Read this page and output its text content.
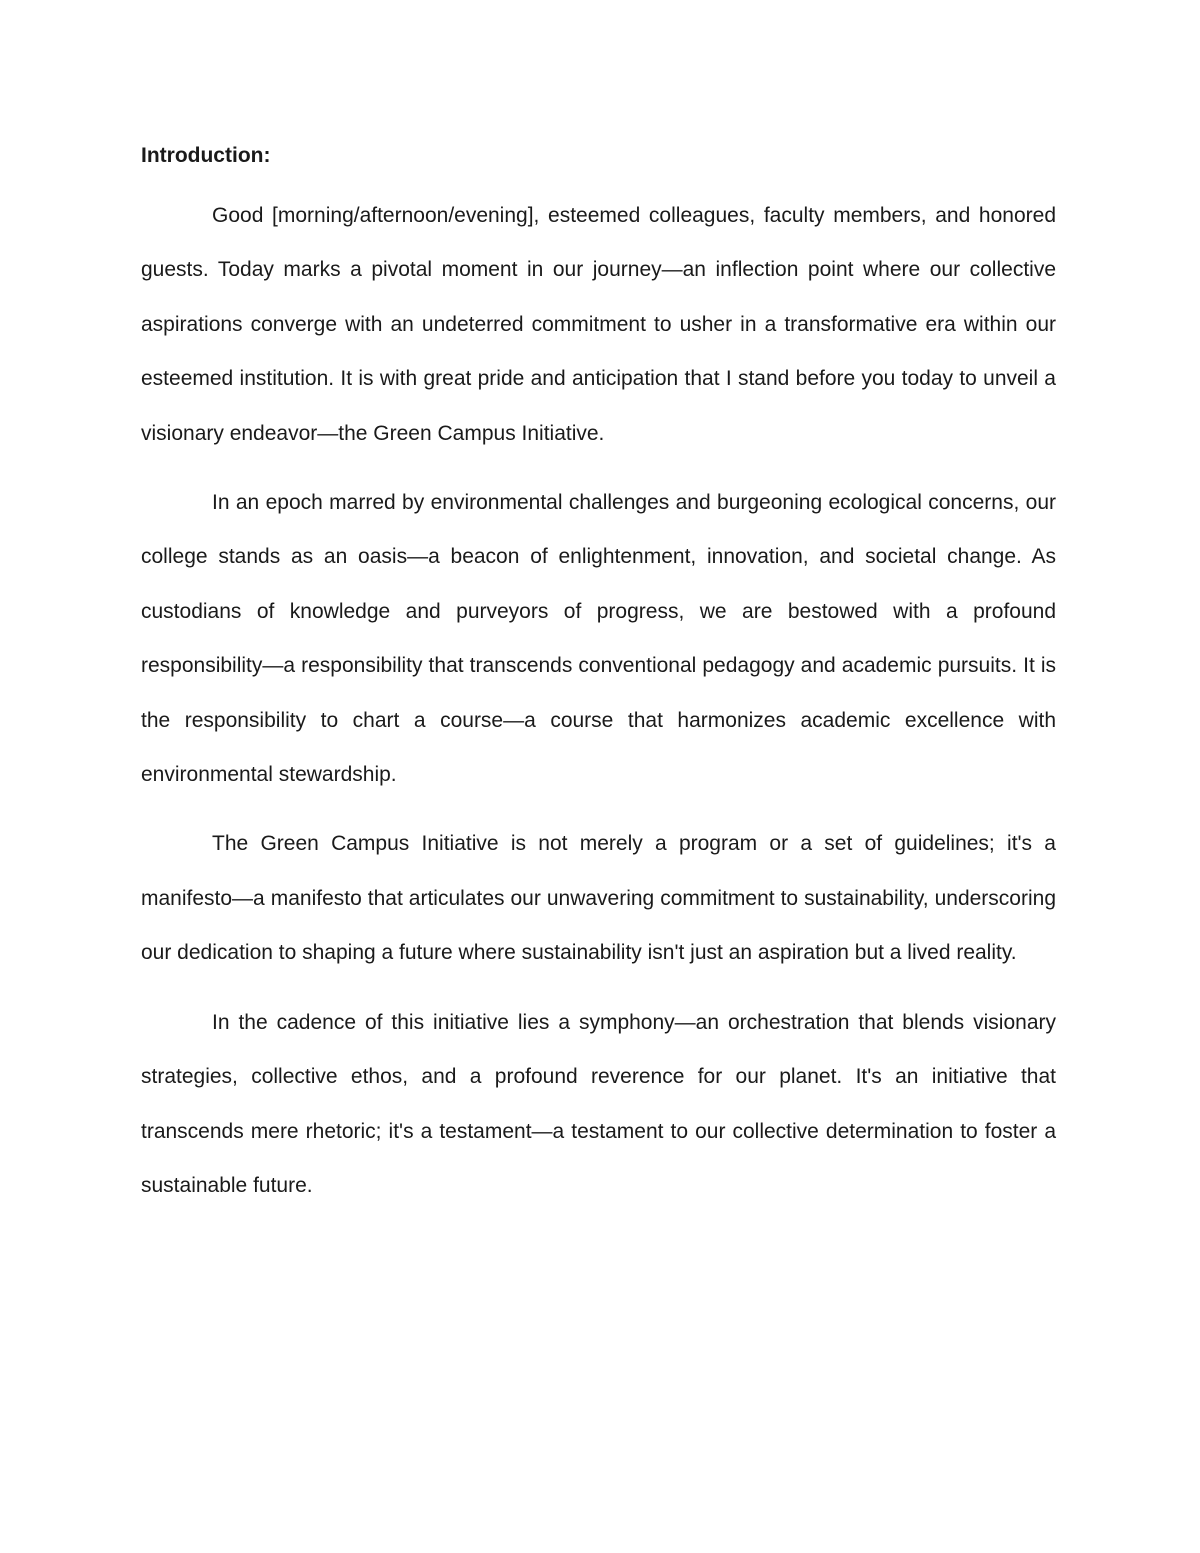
Introduction:

Good [morning/afternoon/evening], esteemed colleagues, faculty members, and honored guests. Today marks a pivotal moment in our journey—an inflection point where our collective aspirations converge with an undeterred commitment to usher in a transformative era within our esteemed institution. It is with great pride and anticipation that I stand before you today to unveil a visionary endeavor—the Green Campus Initiative.

In an epoch marred by environmental challenges and burgeoning ecological concerns, our college stands as an oasis—a beacon of enlightenment, innovation, and societal change. As custodians of knowledge and purveyors of progress, we are bestowed with a profound responsibility—a responsibility that transcends conventional pedagogy and academic pursuits. It is the responsibility to chart a course—a course that harmonizes academic excellence with environmental stewardship.

The Green Campus Initiative is not merely a program or a set of guidelines; it's a manifesto—a manifesto that articulates our unwavering commitment to sustainability, underscoring our dedication to shaping a future where sustainability isn't just an aspiration but a lived reality.

In the cadence of this initiative lies a symphony—an orchestration that blends visionary strategies, collective ethos, and a profound reverence for our planet. It's an initiative that transcends mere rhetoric; it's a testament—a testament to our collective determination to foster a sustainable future.
